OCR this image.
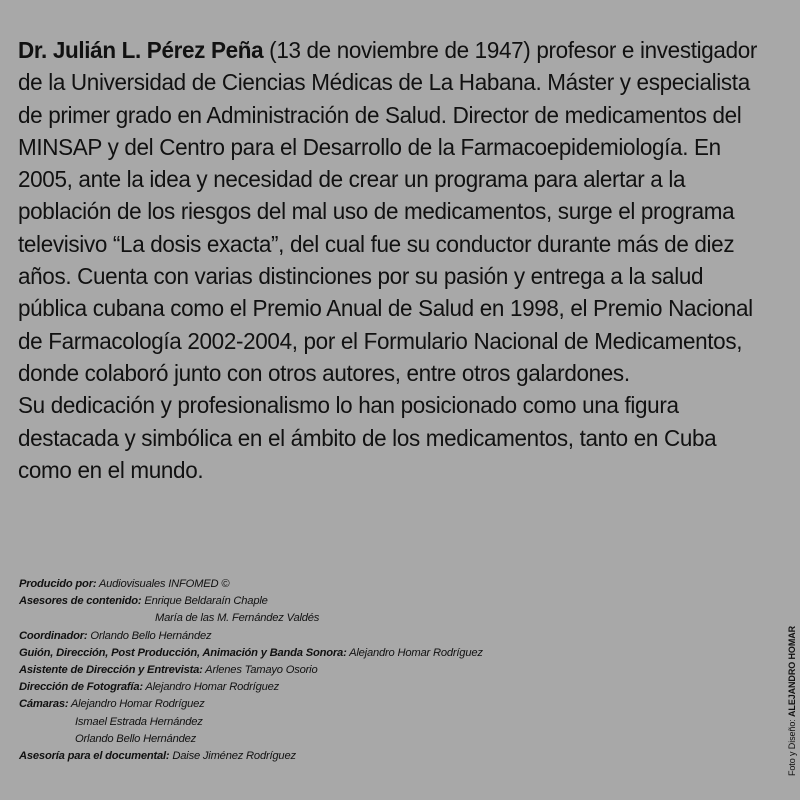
Dr. Julián L. Pérez Peña (13 de noviembre de 1947) profesor e investigador de la Universidad de Ciencias Médicas de La Habana. Máster y especialista de primer grado en Administración de Salud. Director de medicamentos del MINSAP y del Centro para el Desarrollo de la Farmacoepidemiología. En 2005, ante la idea y necesidad de crear un programa para alertar a la población de los riesgos del mal uso de medicamentos, surge el programa televisivo “La dosis exacta”, del cual fue su conductor durante más de diez años. Cuenta con varias distinciones por su pasión y entrega a la salud pública cubana como el Premio Anual de Salud en 1998, el Premio Nacional de Farmacología 2002-2004, por el Formulario Nacional de Medicamentos, donde colaboró junto con otros autores, entre otros galardones.

Su dedicación y profesionalismo lo han posicionado como una figura destacada y simbólica en el ámbito de los medicamentos, tanto en Cuba como en el mundo.

Producido por: Audiovisuales INFOMED ©
Asesores de contenido: Enrique Beldaraín Chaple
María de las M. Fernández Valdés
Coordinador: Orlando Bello Hernández
Guión, Dirección, Post Producción, Animación y Banda Sonora: Alejandro Homar Rodríguez
Asistente de Dirección y Entrevista: Arlenes Tamayo Osorio
Dirección de Fotografía: Alejandro Homar Rodríguez
Cámaras: Alejandro Homar Rodríguez
Ismael Estrada Hernández
Orlando Bello Hernández
Asesoría para el documental: Daise Jiménez Rodríguez	Foto y Diseño: ALEJANDRO HOMAR
